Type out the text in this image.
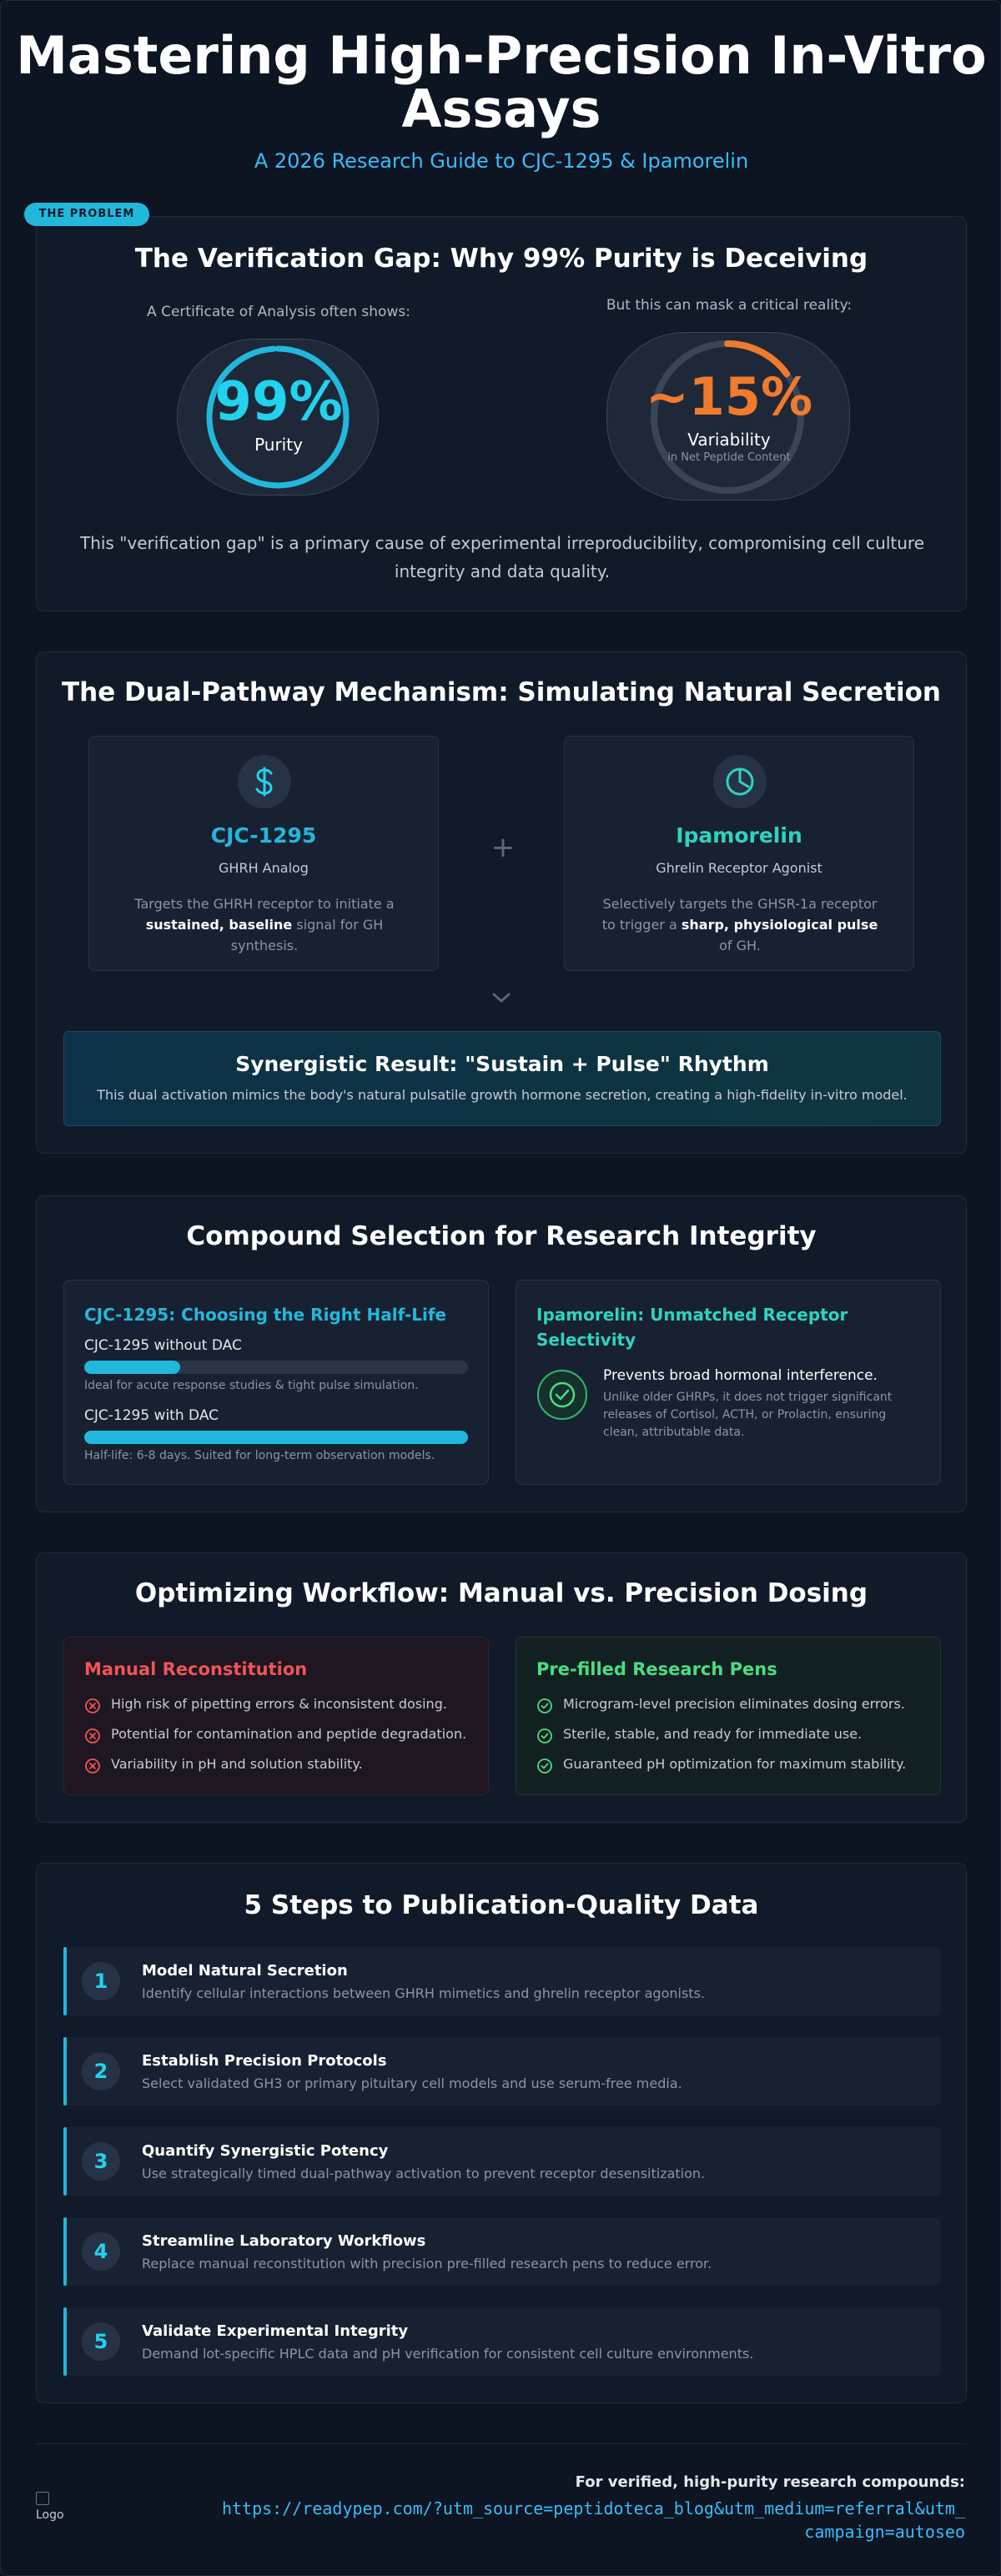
Mastering High-Precision In-Vitro Assays
A 2026 Research Guide to CJC-1295 & Ipamorelin
THE PROBLEM
The Verification Gap: Why 99% Purity is Deceiving
A Certificate of Analysis often shows:	But this can mask a critical reality:
99%
Purity
~15%
Variability
in Net Peptide Content
This "verification gap" is a primary cause of experimental irreproducibility, compromising cell culture integrity and data quality.
The Dual-Pathway Mechanism: Simulating Natural Secretion
CJC-1295
GHRH Analog
Targets the GHRH receptor to initiate a sustained, baseline signal for GH synthesis.
+	Ipamorelin
Ghrelin Receptor Agonist
Selectively targets the GHSR-1a receptor to trigger a sharp, physiological pulse of GH.
Synergistic Result: "Sustain + Pulse" Rhythm
This dual activation mimics the body's natural pulsatile growth hormone secretion, creating a high-fidelity in-vitro model.
Compound Selection for Research Integrity
CJC-1295: Choosing the Right Half-Life
CJC-1295 without DAC
Ideal for acute response studies & tight pulse simulation.
CJC-1295 with DAC
Half-life: 6-8 days. Suited for long-term observation models.
Ipamorelin: Unmatched Receptor Selectivity
Prevents broad hormonal interference.
Unlike older GHRPs, it does not trigger significant releases of Cortisol, ACTH, or Prolactin, ensuring clean, attributable data.
Optimizing Workflow: Manual vs. Precision Dosing
Manual Reconstitution
High risk of pipetting errors & inconsistent dosing.
Potential for contamination and peptide degradation.
Variability in pH and solution stability.
Pre-filled Research Pens
Microgram-level precision eliminates dosing errors.
Sterile, stable, and ready for immediate use.
Guaranteed pH optimization for maximum stability.
5 Steps to Publication-Quality Data
1	Model Natural Secretion
Identify cellular interactions between GHRH mimetics and ghrelin receptor agonists.
2	Establish Precision Protocols
Select validated GH3 or primary pituitary cell models and use serum-free media.
3	Quantify Synergistic Potency
Use strategically timed dual-pathway activation to prevent receptor desensitization.
4	Streamline Laboratory Workflows
Replace manual reconstitution with precision pre-filled research pens to reduce error.
5	Validate Experimental Integrity
Demand lot-specific HPLC data and pH verification for consistent cell culture environments.
Logo
For verified, high-purity research compounds:
https://readypep.com/?utm_source=peptidoteca_blog&utm_medium=referral&utm_campaign=autoseo
